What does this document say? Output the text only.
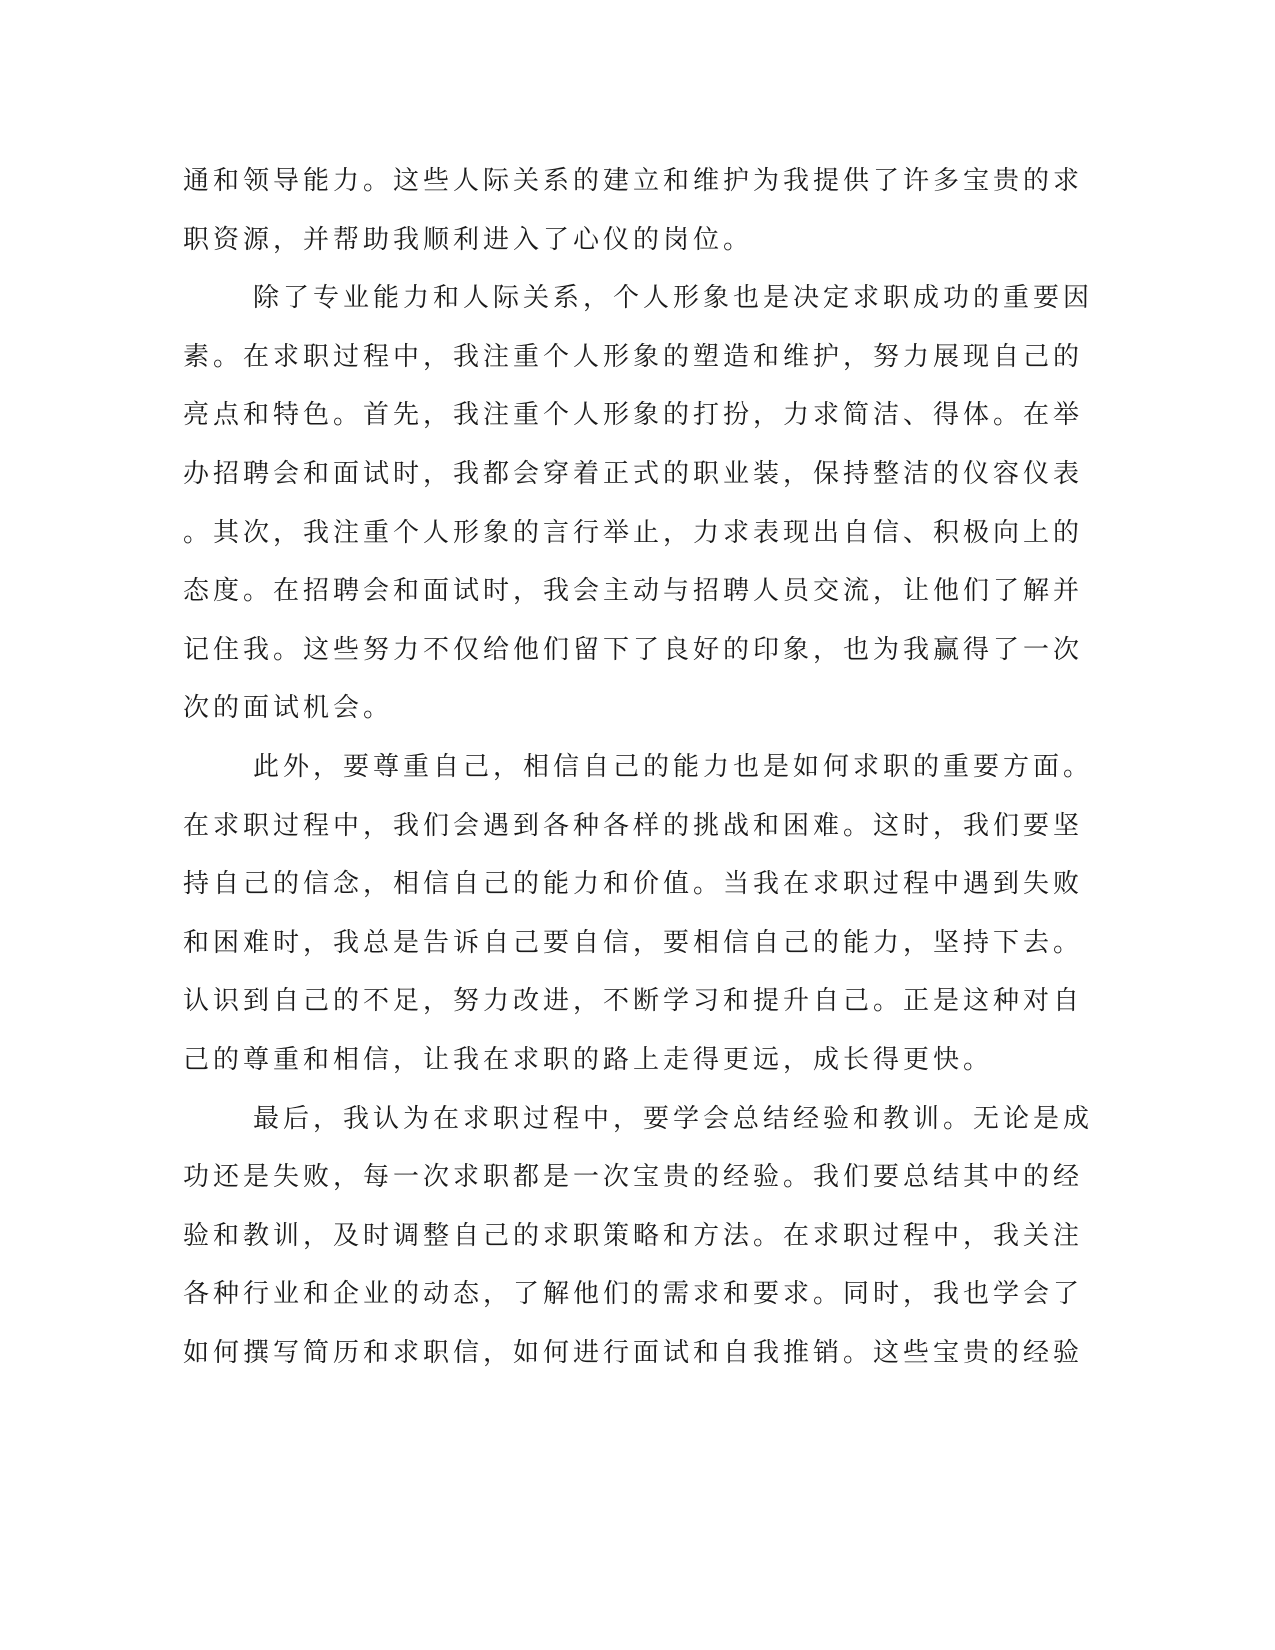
通和领导能力。这些人际关系的建立和维护为我提供了许多宝贵的求
职资源，并帮助我顺利进入了心仪的岗位。
除了专业能力和人际关系，个人形象也是决定求职成功的重要因
素。在求职过程中，我注重个人形象的塑造和维护，努力展现自己的
亮点和特色。首先，我注重个人形象的打扮，力求简洁、得体。在举
办招聘会和面试时，我都会穿着正式的职业装，保持整洁的仪容仪表
。其次，我注重个人形象的言行举止，力求表现出自信、积极向上的
态度。在招聘会和面试时，我会主动与招聘人员交流，让他们了解并
记住我。这些努力不仅给他们留下了良好的印象，也为我赢得了一次
次的面试机会。
此外，要尊重自己，相信自己的能力也是如何求职的重要方面。
在求职过程中，我们会遇到各种各样的挑战和困难。这时，我们要坚
持自己的信念，相信自己的能力和价值。当我在求职过程中遇到失败
和困难时，我总是告诉自己要自信，要相信自己的能力，坚持下去。
认识到自己的不足，努力改进，不断学习和提升自己。正是这种对自
己的尊重和相信，让我在求职的路上走得更远，成长得更快。
最后，我认为在求职过程中，要学会总结经验和教训。无论是成
功还是失败，每一次求职都是一次宝贵的经验。我们要总结其中的经
验和教训，及时调整自己的求职策略和方法。在求职过程中，我关注
各种行业和企业的动态，了解他们的需求和要求。同时，我也学会了
如何撰写简历和求职信，如何进行面试和自我推销。这些宝贵的经验
